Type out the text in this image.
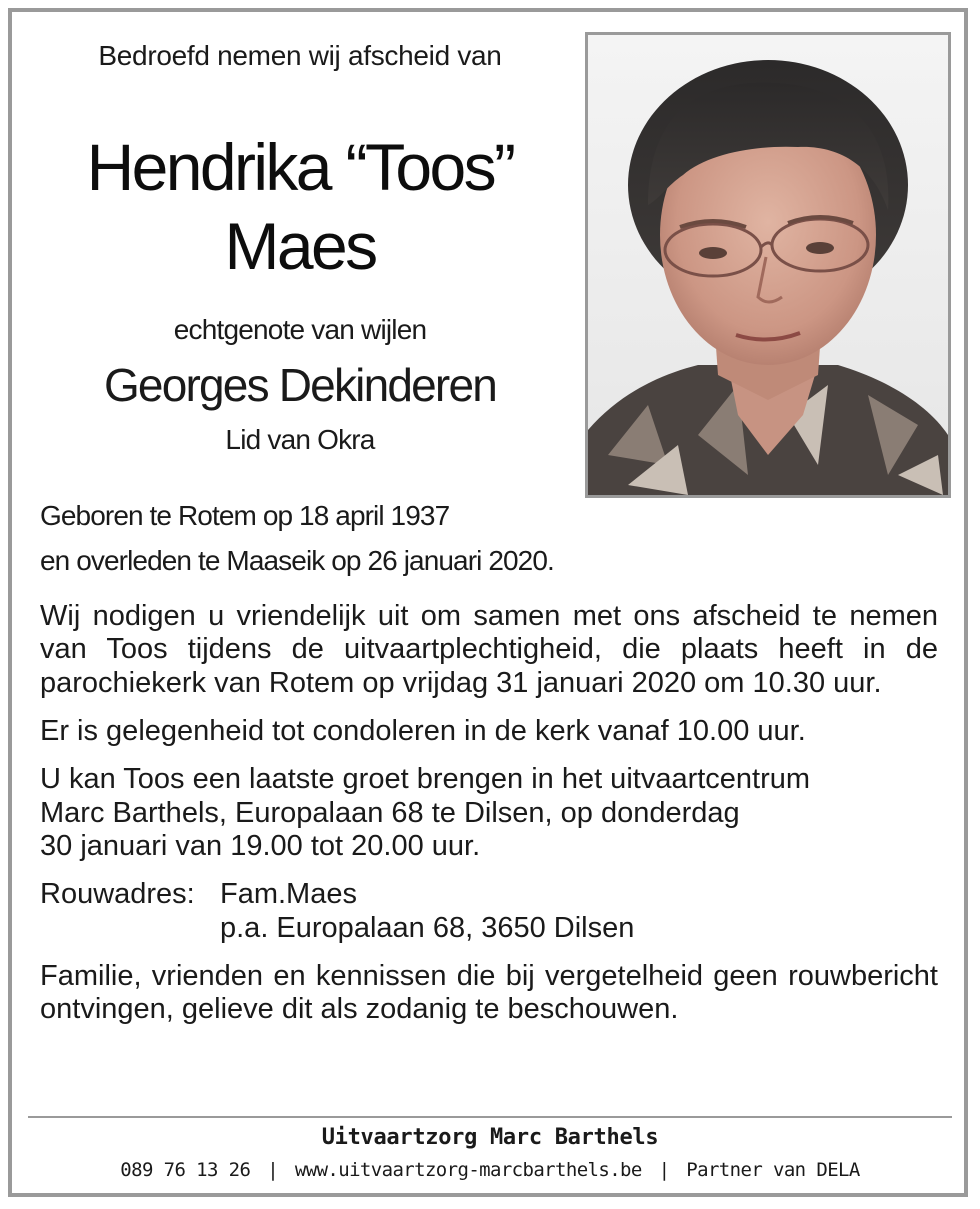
Bedroefd nemen wij afscheid van
Hendrika “Toos”
Maes
echtgenote van wijlen
Georges Dekinderen
Lid van Okra
Geboren te Rotem op 18 april 1937
en overleden te Maaseik op 26 januari 2020.

Wij nodigen u vriendelijk uit om samen met ons afscheid te nemen van Toos tijdens de uitvaartplechtigheid, die plaats heeft in de parochiekerk van Rotem op vrijdag 31 januari 2020 om 10.30 uur.

Er is gelegenheid tot condoleren in de kerk vanaf 10.00 uur.

U kan Toos een laatste groet brengen in het uitvaartcentrum
Marc Barthels, Europalaan 68 te Dilsen, op donderdag
30 januari van 19.00 tot 20.00 uur.

Rouwadres: Fam.Maes

p.a. Europalaan 68, 3650 Dilsen

Familie, vrienden en kennissen die bij vergetelheid geen rouwbericht ontvingen, gelieve dit als zodanig te beschouwen.

Uitvaartzorg Marc Barthels
089 76 13 26 | www.uitvaartzorg-marcbarthels.be | Partner van DELA
